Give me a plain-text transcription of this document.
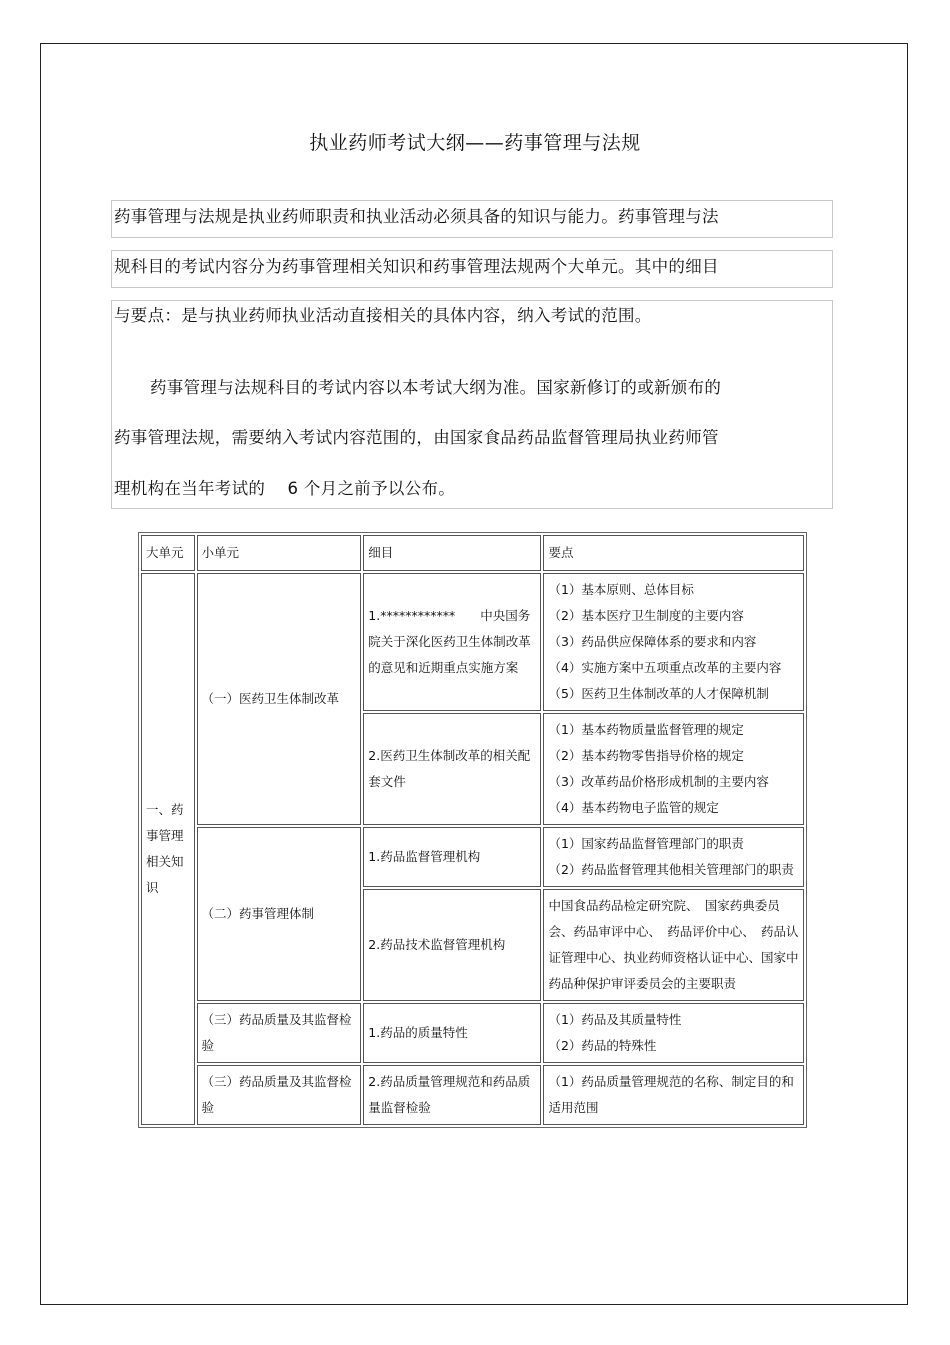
执业药师考试大纲——药事管理与法规
药事管理与法规是执业药师职责和执业活动必须具备的知识与能力。药事管理与法
规科目的考试内容分为药事管理相关知识和药事管理法规两个大单元。其中的细目
与要点：是与执业药师执业活动直接相关的具体内容，纳入考试的范围。
药事管理与法规科目的考试内容以本考试大纲为准。国家新修订的或新颁布的
药事管理法规，需要纳入考试内容范围的，由国家食品药品监督管理局执业药师管
理机构在当年考试的　 6 个月之前予以公布。
大单元	小单元	细目	要点
一、药事管理相关知识	（一）医药卫生体制改革	1.************　　中央国务院关于深化医药卫生体制改革的意见和近期重点实施方案	（1）基本原则、总体目标
（2）基本医疗卫生制度的主要内容
（3）药品供应保障体系的要求和内容
（4）实施方案中五项重点改革的主要内容
（5）医药卫生体制改革的人才保障机制

		2.医药卫生体制改革的相关配套文件	（1）基本药物质量监督管理的规定
（2）基本药物零售指导价格的规定
（3）改革药品价格形成机制的主要内容
（4）基本药物电子监管的规定

	（二）药事管理体制	1.药品监督管理机构	（1）国家药品监督管理部门的职责
（2）药品监督管理其他相关管理部门的职责

		2.药品技术监督管理机构	中国食品药品检定研究院、　国家药典委员会、药品审评中心、　药品评价中心、　药品认证管理中心、执业药师资格认证中心、国家中药品种保护审评委员会的主要职责

	（三）药品质量及其监督检验	1.药品的质量特性	（1）药品及其质量特性
（2）药品的特殊性

	（三）药品质量及其监督检验	2.药品质量管理规范和药品质量监督检验	（1）药品质量管理规范的名称、制定目的和适用范围
